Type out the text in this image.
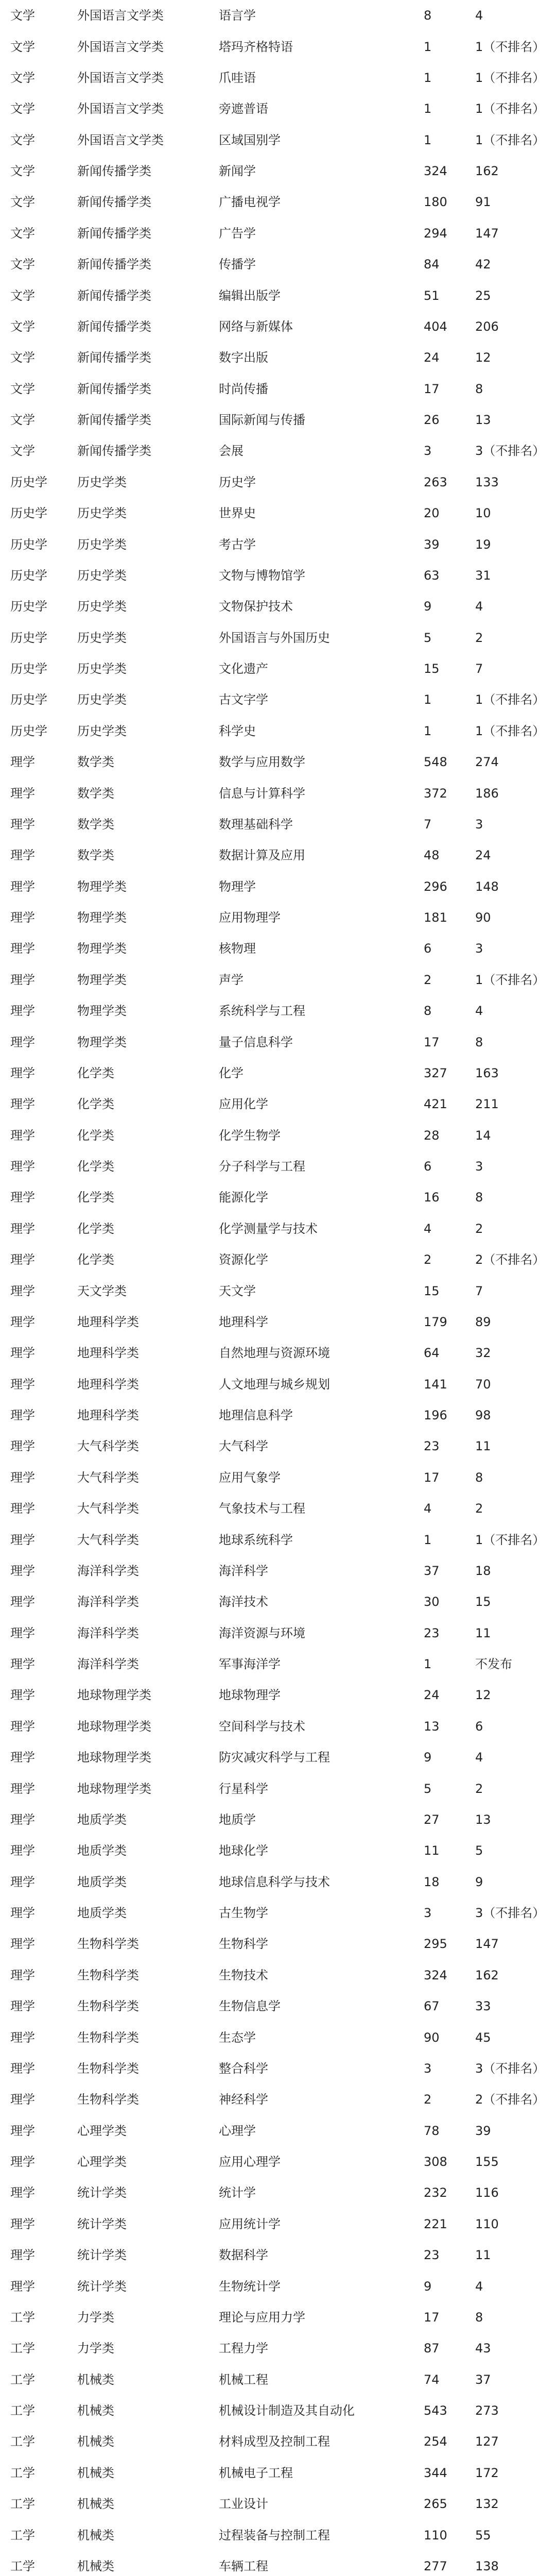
文学	外国语言文学类	语言学	8	4
文学	外国语言文学类	塔玛齐格特语	1	1（不排名）
文学	外国语言文学类	爪哇语	1	1（不排名）
文学	外国语言文学类	旁遮普语	1	1（不排名）
文学	外国语言文学类	区域国别学	1	1（不排名）
文学	新闻传播学类	新闻学	324	162
文学	新闻传播学类	广播电视学	180	91
文学	新闻传播学类	广告学	294	147
文学	新闻传播学类	传播学	84	42
文学	新闻传播学类	编辑出版学	51	25
文学	新闻传播学类	网络与新媒体	404	206
文学	新闻传播学类	数字出版	24	12
文学	新闻传播学类	时尚传播	17	8
文学	新闻传播学类	国际新闻与传播	26	13
文学	新闻传播学类	会展	3	3（不排名）
历史学	历史学类	历史学	263	133
历史学	历史学类	世界史	20	10
历史学	历史学类	考古学	39	19
历史学	历史学类	文物与博物馆学	63	31
历史学	历史学类	文物保护技术	9	4
历史学	历史学类	外国语言与外国历史	5	2
历史学	历史学类	文化遗产	15	7
历史学	历史学类	古文字学	1	1（不排名）
历史学	历史学类	科学史	1	1（不排名）
理学	数学类	数学与应用数学	548	274
理学	数学类	信息与计算科学	372	186
理学	数学类	数理基础科学	7	3
理学	数学类	数据计算及应用	48	24
理学	物理学类	物理学	296	148
理学	物理学类	应用物理学	181	90
理学	物理学类	核物理	6	3
理学	物理学类	声学	2	1（不排名）
理学	物理学类	系统科学与工程	8	4
理学	物理学类	量子信息科学	17	8
理学	化学类	化学	327	163
理学	化学类	应用化学	421	211
理学	化学类	化学生物学	28	14
理学	化学类	分子科学与工程	6	3
理学	化学类	能源化学	16	8
理学	化学类	化学测量学与技术	4	2
理学	化学类	资源化学	2	2（不排名）
理学	天文学类	天文学	15	7
理学	地理科学类	地理科学	179	89
理学	地理科学类	自然地理与资源环境	64	32
理学	地理科学类	人文地理与城乡规划	141	70
理学	地理科学类	地理信息科学	196	98
理学	大气科学类	大气科学	23	11
理学	大气科学类	应用气象学	17	8
理学	大气科学类	气象技术与工程	4	2
理学	大气科学类	地球系统科学	1	1（不排名）
理学	海洋科学类	海洋科学	37	18
理学	海洋科学类	海洋技术	30	15
理学	海洋科学类	海洋资源与环境	23	11
理学	海洋科学类	军事海洋学	1	不发布
理学	地球物理学类	地球物理学	24	12
理学	地球物理学类	空间科学与技术	13	6
理学	地球物理学类	防灾减灾科学与工程	9	4
理学	地球物理学类	行星科学	5	2
理学	地质学类	地质学	27	13
理学	地质学类	地球化学	11	5
理学	地质学类	地球信息科学与技术	18	9
理学	地质学类	古生物学	3	3（不排名）
理学	生物科学类	生物科学	295	147
理学	生物科学类	生物技术	324	162
理学	生物科学类	生物信息学	67	33
理学	生物科学类	生态学	90	45
理学	生物科学类	整合科学	3	3（不排名）
理学	生物科学类	神经科学	2	2（不排名）
理学	心理学类	心理学	78	39
理学	心理学类	应用心理学	308	155
理学	统计学类	统计学	232	116
理学	统计学类	应用统计学	221	110
理学	统计学类	数据科学	23	11
理学	统计学类	生物统计学	9	4
工学	力学类	理论与应用力学	17	8
工学	力学类	工程力学	87	43
工学	机械类	机械工程	74	37
工学	机械类	机械设计制造及其自动化	543	273
工学	机械类	材料成型及控制工程	254	127
工学	机械类	机械电子工程	344	172
工学	机械类	工业设计	265	132
工学	机械类	过程装备与控制工程	110	55
工学	机械类	车辆工程	277	138
